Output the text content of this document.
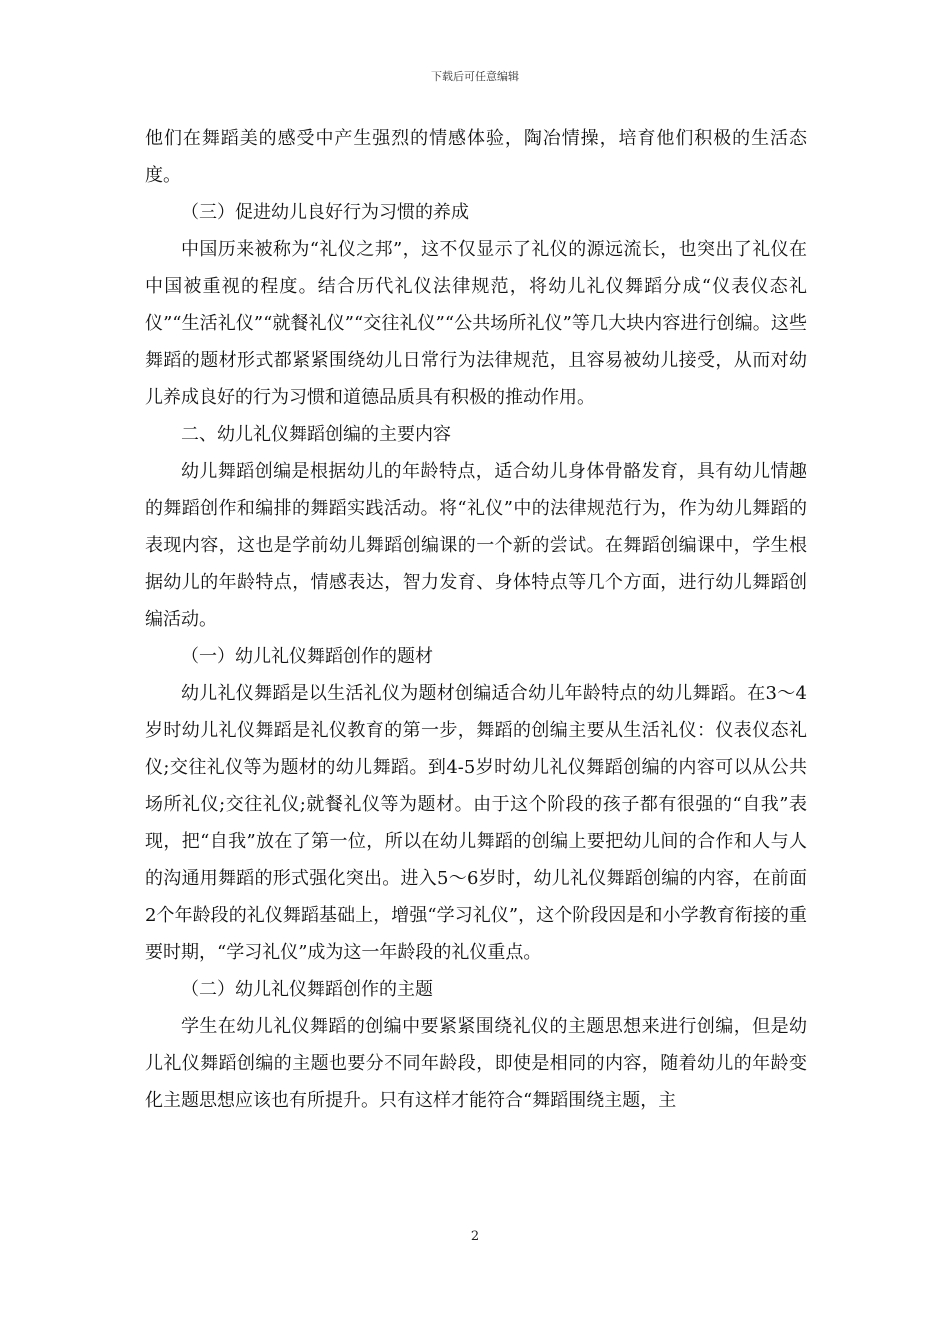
下载后可任意编辑

他们在舞蹈美的感受中产生强烈的情感体验，陶冶情操，培育他们积极的生活态度。

（三）促进幼儿良好行为习惯的养成

中国历来被称为“礼仪之邦”，这不仅显示了礼仪的源远流长，也突出了礼仪在中国被重视的程度。结合历代礼仪法律规范，将幼儿礼仪舞蹈分成“仪表仪态礼仪”“生活礼仪”“就餐礼仪”“交往礼仪”“公共场所礼仪”等几大块内容进行创编。这些舞蹈的题材形式都紧紧围绕幼儿日常行为法律规范，且容易被幼儿接受，从而对幼儿养成良好的行为习惯和道德品质具有积极的推动作用。

二、幼儿礼仪舞蹈创编的主要内容

幼儿舞蹈创编是根据幼儿的年龄特点，适合幼儿身体骨骼发育，具有幼儿情趣的舞蹈创作和编排的舞蹈实践活动。将“礼仪”中的法律规范行为，作为幼儿舞蹈的表现内容，这也是学前幼儿舞蹈创编课的一个新的尝试。在舞蹈创编课中，学生根据幼儿的年龄特点，情感表达，智力发育、身体特点等几个方面，进行幼儿舞蹈创编活动。

（一）幼儿礼仪舞蹈创作的题材

幼儿礼仪舞蹈是以生活礼仪为题材创编适合幼儿年龄特点的幼儿舞蹈。在3～4岁时幼儿礼仪舞蹈是礼仪教育的第一步，舞蹈的创编主要从生活礼仪：仪表仪态礼仪;交往礼仪等为题材的幼儿舞蹈。到4-5岁时幼儿礼仪舞蹈创编的内容可以从公共场所礼仪;交往礼仪;就餐礼仪等为题材。由于这个阶段的孩子都有很强的“自我”表现，把“自我”放在了第一位，所以在幼儿舞蹈的创编上要把幼儿间的合作和人与人的沟通用舞蹈的形式强化突出。进入5～6岁时，幼儿礼仪舞蹈创编的内容，在前面2个年龄段的礼仪舞蹈基础上，增强“学习礼仪”，这个阶段因是和小学教育衔接的重要时期，“学习礼仪”成为这一年龄段的礼仪重点。

（二）幼儿礼仪舞蹈创作的主题

学生在幼儿礼仪舞蹈的创编中要紧紧围绕礼仪的主题思想来进行创编，但是幼儿礼仪舞蹈创编的主题也要分不同年龄段，即使是相同的内容，随着幼儿的年龄变化主题思想应该也有所提升。只有这样才能符合“舞蹈围绕主题，主

2
